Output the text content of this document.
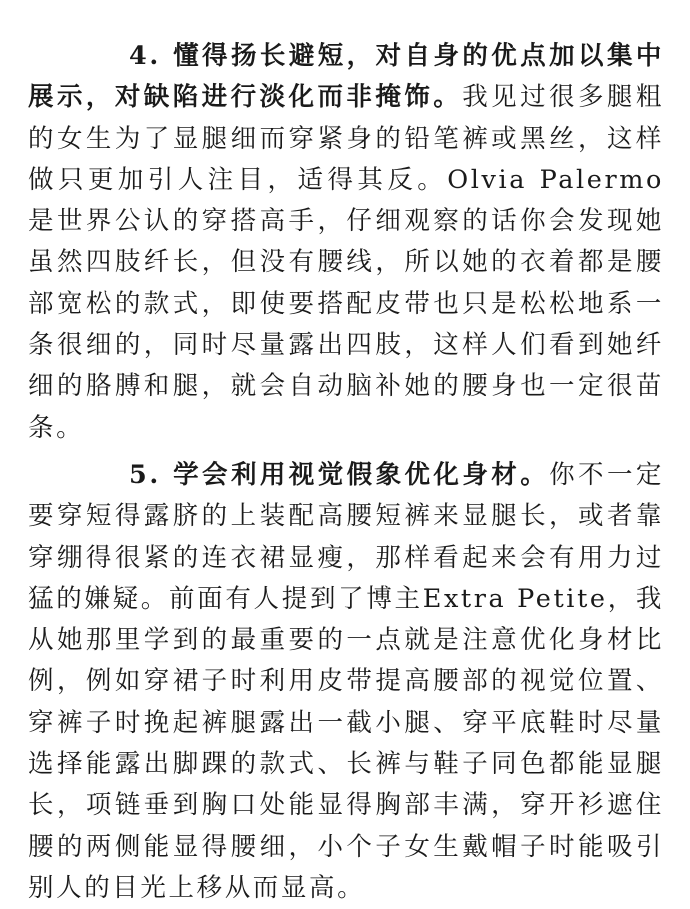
4. 懂得扬长避短，对自身的优点加以集中展示，对缺陷进行淡化而非掩饰。我见过很多腿粗的女生为了显腿细而穿紧身的铅笔裤或黑丝，这样做只更加引人注目，适得其反。Olvia Palermo是世界公认的穿搭高手，仔细观察的话你会发现她虽然四肢纤长，但没有腰线，所以她的衣着都是腰部宽松的款式，即使要搭配皮带也只是松松地系一条很细的，同时尽量露出四肢，这样人们看到她纤细的胳膊和腿，就会自动脑补她的腰身也一定很苗条。

5. 学会利用视觉假象优化身材。你不一定要穿短得露脐的上装配高腰短裤来显腿长，或者靠穿绷得很紧的连衣裙显瘦，那样看起来会有用力过猛的嫌疑。前面有人提到了博主Extra Petite，我从她那里学到的最重要的一点就是注意优化身材比例，例如穿裙子时利用皮带提高腰部的视觉位置、穿裤子时挽起裤腿露出一截小腿、穿平底鞋时尽量选择能露出脚踝的款式、长裤与鞋子同色都能显腿长，项链垂到胸口处能显得胸部丰满，穿开衫遮住腰的两侧能显得腰细，小个子女生戴帽子时能吸引别人的目光上移从而显高。
